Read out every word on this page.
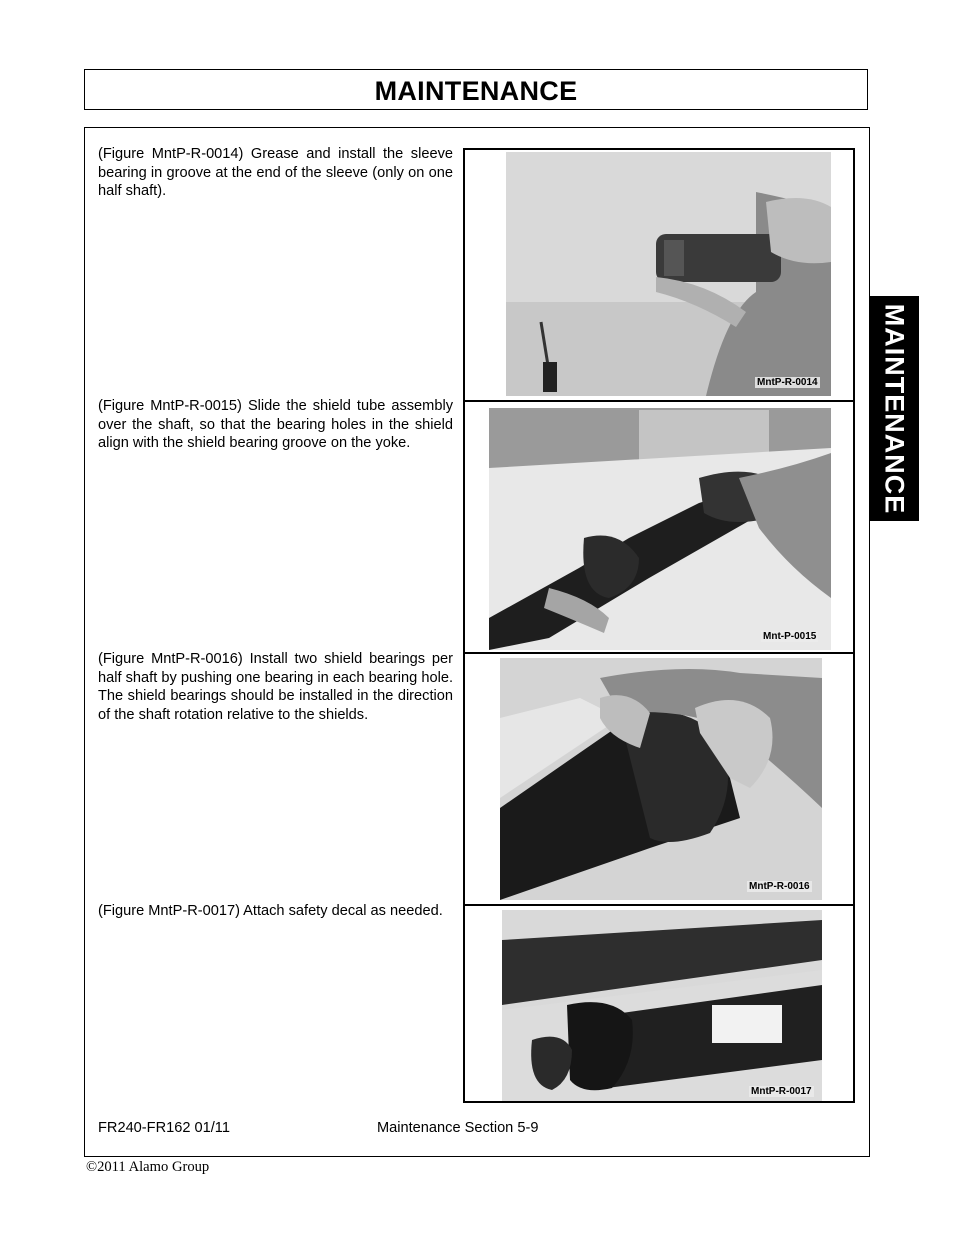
MAINTENANCE
MAINTENANCE
(Figure MntP-R-0014) Grease and install the sleeve bearing in groove at the end of the sleeve (only on one half shaft).
MntP-R-0014
(Figure MntP-R-0015) Slide the shield tube assembly over the shaft, so that the bearing holes in the shield align with the shield bearing groove on the yoke.
Mnt-P-0015
(Figure MntP-R-0016) Install two shield bearings per half shaft by pushing one bearing in each bearing hole. The shield bearings should be installed in the direction of the shaft rotation relative to the shields.
MntP-R-0016
(Figure MntP-R-0017) Attach safety decal as needed.
MntP-R-0017
FR240-FR162 01/11	Maintenance Section 5-9
©2011 Alamo Group
